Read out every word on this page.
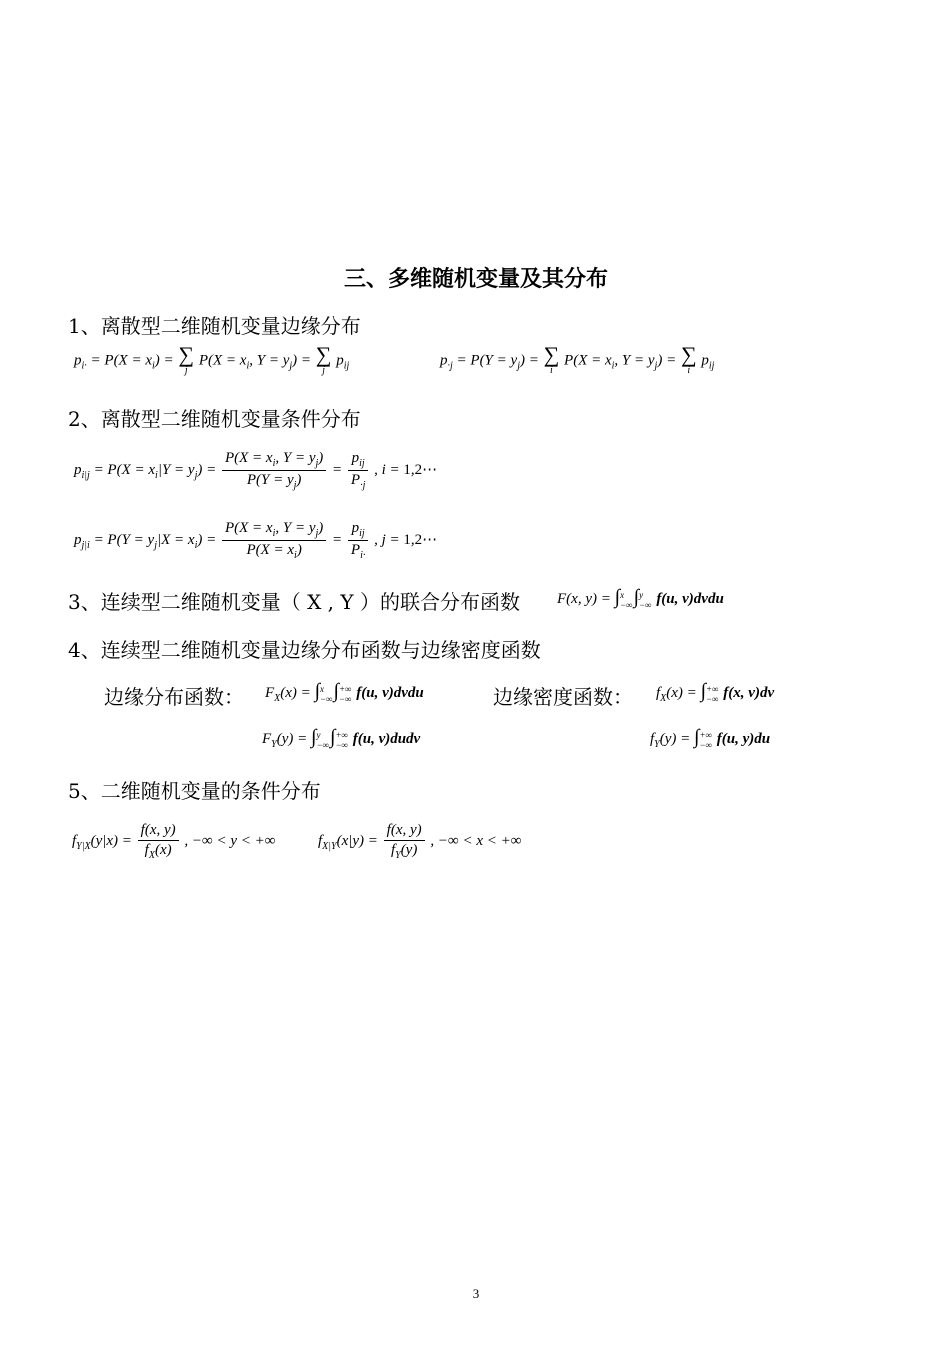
三、多维随机变量及其分布
1、离散型二维随机变量边缘分布
$p_{i\cdot} = P(X = x_i)$ = ∑
j
$P(X = x_i$, $Y = y_j$) = ∑
j
$p_{ij}$	$p_{\cdot j} = P(Y = y_j)$ = ∑
i
$P(X = x_i$, $Y = y_j$) = ∑
i
$p_{ij}$
2、离散型二维随机变量条件分布
$p_{i|j} = P(X = x_i|Y = y_j) = \frac{P(X = x_i, Y = y_j)}{P(Y = y_j)} = \frac{p_{ij}}{P_{\cdot j}}$ , i = 1,2⋯
$p_{j|i} = P(Y = y_j|X = x_i) = \frac{P(X = x_i, Y = y_j)}{P(X = x_i)} = \frac{p_{ij}}{P_{i\cdot}}$ , j = 1,2⋯
3、连续型二维随机变量（ X , Y ）的联合分布函数 F(x, y) = ∫x
−∞∫y
−∞ f(u, v)dvdu
4、连续型二维随机变量边缘分布函数与边缘密度函数
边缘分布函数： $F_X(x) = \int x$
−∞∫+∞
−∞ f(u, v)dvdu	边缘密度函数： $f_X(x)$ = ∫+∞
−∞ f(x, v)dv
$F_Y(y) = \int y$
−∞∫+∞
−∞ f(u, v)dudv	$f_Y(y)$ = ∫+∞
−∞ f(u, y)du
5、二维随机变量的条件分布
$f_{Y|X}(y|x) = \frac{f(x, y)}{f_X(x)}$ , −∞ < y < +∞	$f_{X|Y}(x|y) = \frac{f(x, y)}{f_Y(y)}$ , −∞ < x < +∞
3
